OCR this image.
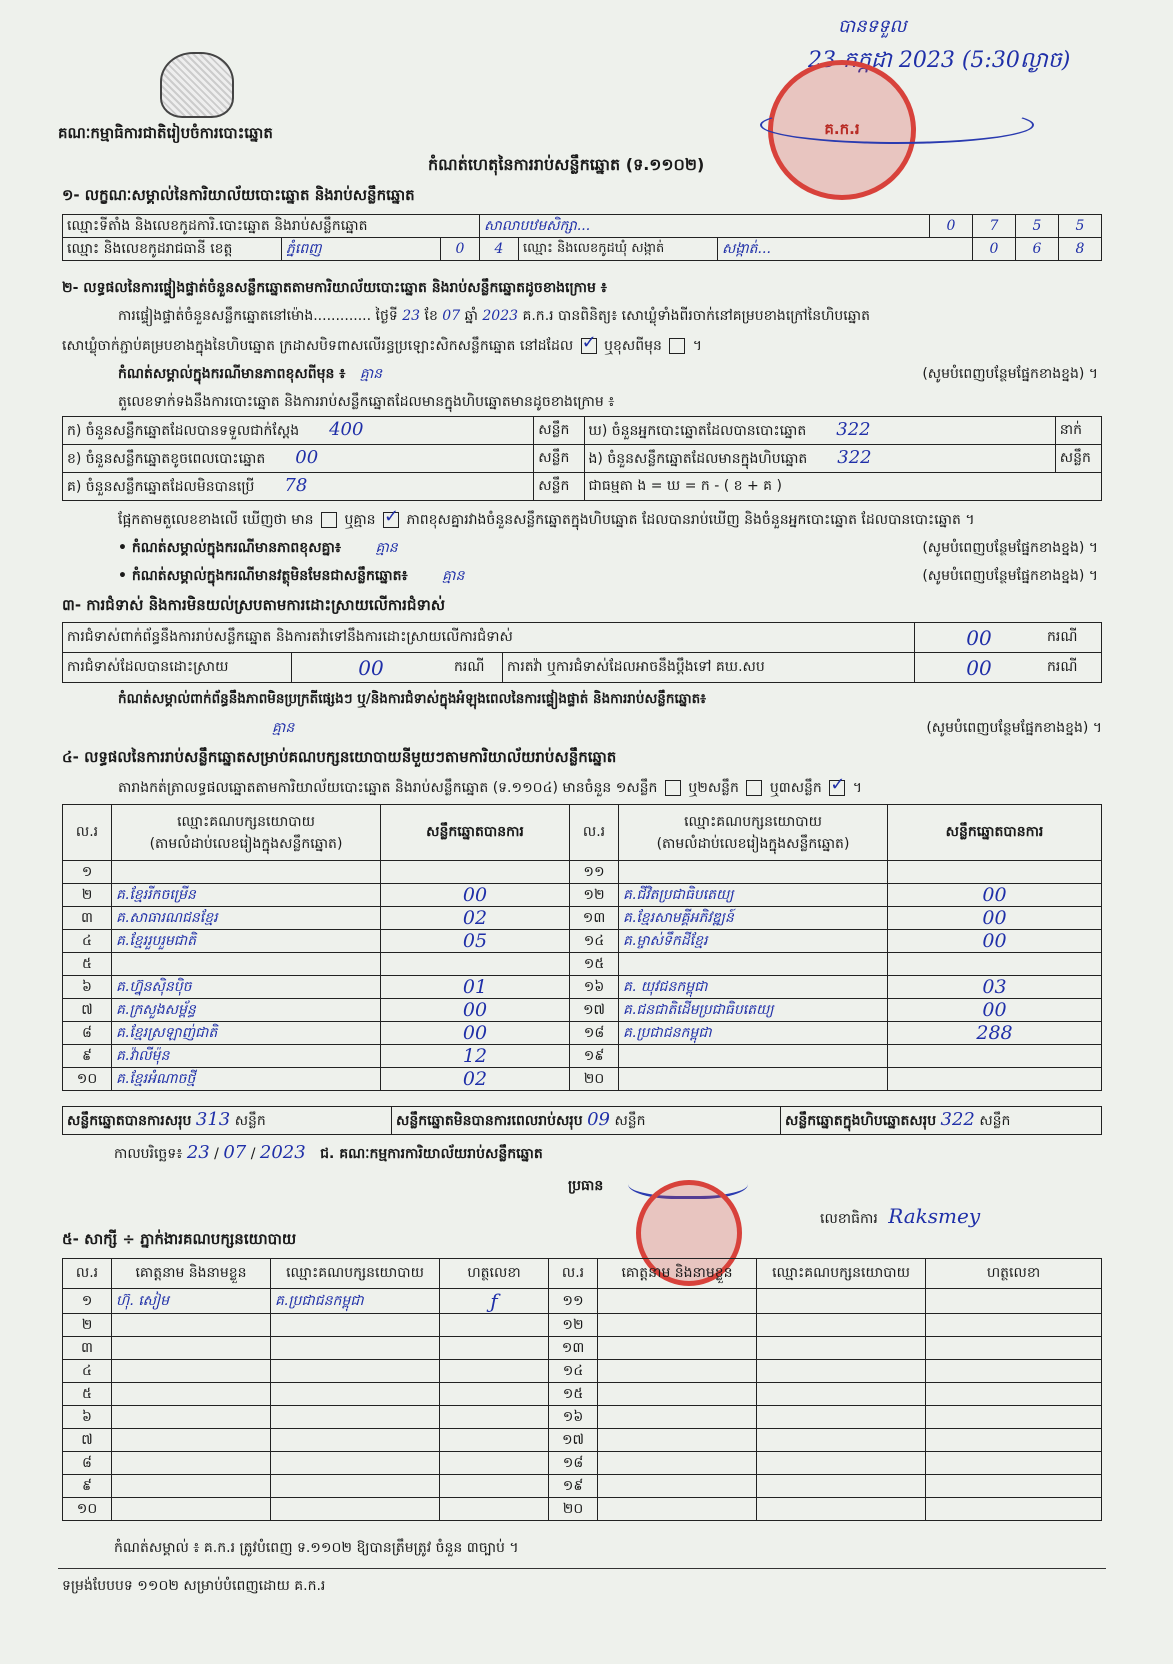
គណៈកម្មាធិការជាតិរៀបចំការបោះឆ្នោត
បានទទួល
23 កក្កដា 2023 (5:30ល្ងាច)
គ.ក.រ
កំណត់ហេតុនៃការរាប់សន្លឹកឆ្នោត (ទ.១១០២)
១- លក្ខណៈសម្គាល់នៃការិយាល័យបោះឆ្នោត និងរាប់សន្លឹកឆ្នោត
ឈ្មោះទីតាំង និងលេខកូដការិ.បោះឆ្នោត និងរាប់សន្លឹកឆ្នោត			សាលាបឋមសិក្សា...			0	7	5	5
ឈ្មោះ និងលេខកូដរាជធានី ខេត្ត	ភ្នំពេញ	0	4	ឈ្មោះ និងលេខកូដឃុំ សង្កាត់	សង្កាត់...		0	6	8
២- លទ្ធផលនៃការផ្ទៀងផ្ទាត់ចំនួនសន្លឹកឆ្នោតតាមការិយាល័យបោះឆ្នោត និងរាប់សន្លឹកឆ្នោតដូចខាងក្រោម ៖
ការផ្ទៀងផ្ទាត់ចំនួនសន្លឹកឆ្នោតនៅម៉ោង............. ថ្ងៃទី 23 ខែ 07 ឆ្នាំ 2023 គ.ក.រ បានពិនិត្យ៖ សោឃ្លុំទាំងពីរចាក់នៅគម្របខាងក្រៅនៃហិបឆ្នោត
សោឃ្លុំចាក់ភ្ជាប់គម្របខាងក្នុងនៃហិបឆ្នោត ក្រដាសបិទពាសលើរន្ធប្រឡោះសិកសន្លឹកឆ្នោត នៅដដែល ✓ ឬខុសពីមុន  ។
កំណត់សម្គាល់ក្នុងករណីមានភាពខុសពីមុន ៖ គ្មាន	(សូមបំពេញបន្ថែមផ្នែកខាងខ្នង) ។
តួលេខទាក់ទងនឹងការបោះឆ្នោត និងការរាប់សន្លឹកឆ្នោតដែលមានក្នុងហិបឆ្នោតមានដូចខាងក្រោម ៖
ក) ចំនួនសន្លឹកឆ្នោតដែលបានទទួលជាក់ស្តែង 400	សន្លឹក	ឃ) ចំនួនអ្នកបោះឆ្នោតដែលបានបោះឆ្នោត 322	នាក់
ខ) ចំនួនសន្លឹកឆ្នោតខូចពេលបោះឆ្នោត 00	សន្លឹក	ង) ចំនួនសន្លឹកឆ្នោតដែលមានក្នុងហិបឆ្នោត 322	សន្លឹក
គ) ចំនួនសន្លឹកឆ្នោតដែលមិនបានប្រើ 78	សន្លឹក	ជាធម្មតា ង = ឃ = ក - ( ខ + គ )	
ផ្អែកតាមតួលេខខាងលើ ឃើញថា មាន ឬគ្មាន ✓ ភាពខុសគ្នារវាងចំនួនសន្លឹកឆ្នោតក្នុងហិបឆ្នោត ដែលបានរាប់ឃើញ និងចំនួនអ្នកបោះឆ្នោត ដែលបានបោះឆ្នោត ។
• កំណត់សម្គាល់ក្នុងករណីមានភាពខុសគ្នា៖ គ្មាន	(សូមបំពេញបន្ថែមផ្នែកខាងខ្នង) ។
• កំណត់សម្គាល់ក្នុងករណីមានវត្ថុមិនមែនជាសន្លឹកឆ្នោត៖ គ្មាន	(សូមបំពេញបន្ថែមផ្នែកខាងខ្នង) ។
៣- ការជំទាស់ និងការមិនយល់ស្របតាមការដោះស្រាយលើការជំទាស់
ការជំទាស់ពាក់ព័ន្ធនឹងការរាប់សន្លឹកឆ្នោត និងការតវ៉ាទៅនឹងការដោះស្រាយលើការជំទាស់				00	ករណី
ការជំទាស់ដែលបានដោះស្រាយ	00	ករណី	ការតវ៉ា ឬការជំទាស់ដែលអាចនឹងប្តឹងទៅ គឃ.សប	00	ករណី
កំណត់សម្គាល់ពាក់ព័ន្ធនឹងភាពមិនប្រក្រតីផ្សេងៗ ឬ/និងការជំទាស់ក្នុងអំឡុងពេលនៃការផ្ទៀងផ្ទាត់ និងការរាប់សន្លឹកឆ្នោត៖
គ្មាន	(សូមបំពេញបន្ថែមផ្នែកខាងខ្នង) ។
៤- លទ្ធផលនៃការរាប់សន្លឹកឆ្នោតសម្រាប់គណបក្សនយោបាយនីមួយៗតាមការិយាល័យរាប់សន្លឹកឆ្នោត
តារាងកត់ត្រាលទ្ធផលឆ្នោតតាមការិយាល័យបោះឆ្នោត និងរាប់សន្លឹកឆ្នោត (ទ.១១០៤) មានចំនួន ១សន្លឹក ឬ២សន្លឹក ឬ៣សន្លឹក ✓ ។
ល.រ	ឈ្មោះគណបក្សនយោបាយ
(តាមលំដាប់លេខរៀងក្នុងសន្លឹកឆ្នោត)	សន្លឹកឆ្នោតបានការ	ល.រ	ឈ្មោះគណបក្សនយោបាយ
(តាមលំដាប់លេខរៀងក្នុងសន្លឹកឆ្នោត)	សន្លឹកឆ្នោតបានការ
១			១១		
២	គ.ខ្មែររីកចម្រើន	00	១២	គ.ជីវិតប្រជាធិបតេយ្យ	00
៣	គ.សាធារណជនខ្មែរ	02	១៣	គ.ខ្មែរសាមគ្គីអភិវឌ្ឍន៍	00
៤	គ.ខ្មែររួបរួមជាតិ	05	១៤	គ.ម្ចាស់ទឹកដីខ្មែរ	00
៥			១៥		
៦	គ.ហ្វ៊ុនស៊ិនប៉ិច	01	១៦	គ. យុវជនកម្ពុជា	03
៧	គ.ក្រសួងសម្ព័ន្ធ	00	១៧	គ.ជនជាតិដើមប្រជាធិបតេយ្យ	00
៨	គ.ខ្មែរស្រឡាញ់ជាតិ	00	១៨	គ.ប្រជាជនកម្ពុជា	288
៩	គ.វ៉ាលីម៉ុន	12	១៩		
១០	គ.ខ្មែរអំណាចថ្មី	02	២០		
សន្លឹកឆ្នោតបានការសរុប 313 សន្លឹក	សន្លឹកឆ្នោតមិនបានការពេលរាប់សរុប 09 សន្លឹក	សន្លឹកឆ្នោតក្នុងហិបឆ្នោតសរុប 322 សន្លឹក
កាលបរិច្ឆេទ៖ 23 / 07 / 2023 ជ. គណៈកម្មការការិយាល័យរាប់សន្លឹកឆ្នោត
ប្រធាន
លេខាធិការ Raksmey
៥- សាក្សី ÷ ភ្នាក់ងារគណបក្សនយោបាយ
ល.រ	គោត្តនាម និងនាមខ្លួន	ឈ្មោះគណបក្សនយោបាយ	ហត្ថលេខា	ល.រ	គោត្តនាម និងនាមខ្លួន	ឈ្មោះគណបក្សនយោបាយ	ហត្ថលេខា
១	ហ៊ុ. សៀម	គ.ប្រជាជនកម្ពុជា	ƒ	១១			
២				១២			
៣				១៣			
៤				១៤			
៥				១៥			
៦				១៦			
៧				១៧			
៨				១៨			
៩				១៩			
១០				២០			
កំណត់សម្គាល់ ៖ គ.ក.រ ត្រូវបំពេញ ទ.១១០២ ឱ្យបានត្រឹមត្រូវ ចំនួន ៣ច្បាប់ ។
ទម្រង់បែបបទ ១១០២ សម្រាប់បំពេញដោយ គ.ក.រ
